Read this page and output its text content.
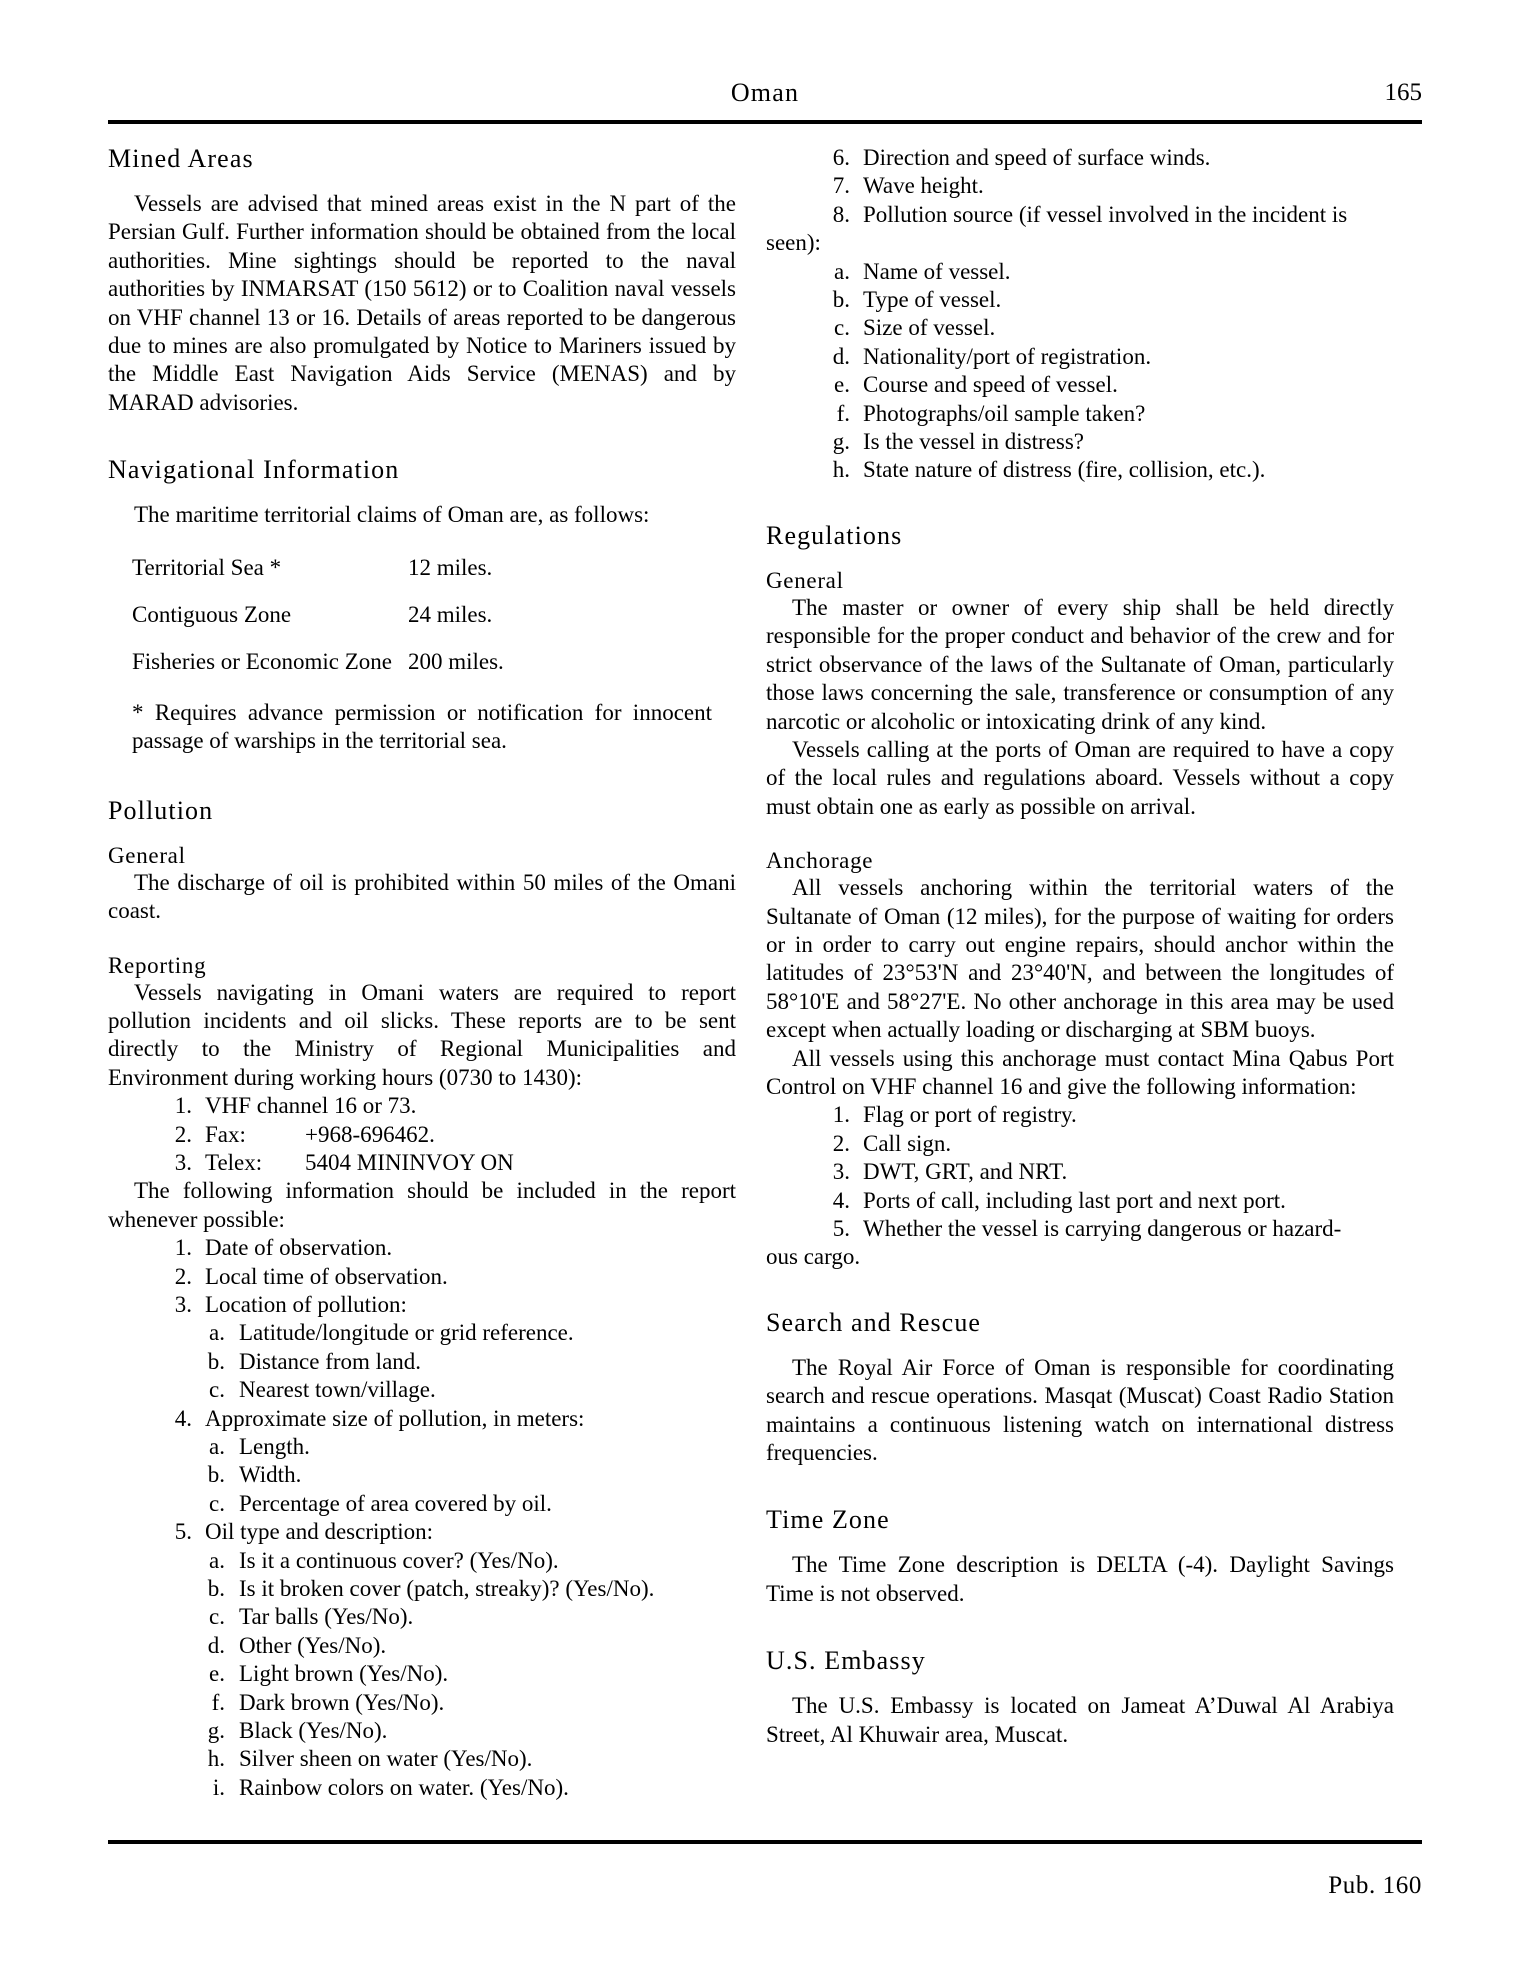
Oman	165
Mined Areas

Vessels are advised that mined areas exist in the N part of the Persian Gulf. Further information should be obtained from the local authorities. Mine sightings should be reported to the naval authorities by INMARSAT (150 5612) or to Coalition naval vessels on VHF channel 13 or 16. Details of areas reported to be dangerous due to mines are also promulgated by Notice to Mariners issued by the Middle East Navigation Aids Service (MENAS) and by MARAD advisories.

Navigational Information

The maritime territorial claims of Oman are, as follows:

Territorial Sea *	12 miles.
Contiguous Zone	24 miles.
Fisheries or Economic Zone	200 miles.

* Requires advance permission or notification for innocent passage of warships in the territorial sea.

Pollution
General

The discharge of oil is prohibited within 50 miles of the Omani coast.

Reporting

Vessels navigating in Omani waters are required to report pollution incidents and oil slicks. These reports are to be sent directly to the Ministry of Regional Municipalities and Environment during working hours (0730 to 1430):

1. VHF channel 16 or 73.
2. Fax:	+968-696462.
3. Telex: 5404 MININVOY ON

The following information should be included in the report whenever possible:

1. Date of observation.
2. Local time of observation.
3. Location of pollution:
a. Latitude/longitude or grid reference.
b. Distance from land.
c. Nearest town/village.
4. Approximate size of pollution, in meters:
a. Length.
b. Width.
c. Percentage of area covered by oil.
5. Oil type and description:
a. Is it a continuous cover? (Yes/No).
b. Is it broken cover (patch, streaky)? (Yes/No).
c. Tar balls (Yes/No).
d. Other (Yes/No).
e. Light brown (Yes/No).
f. Dark brown (Yes/No).
g. Black (Yes/No).
h. Silver sheen on water (Yes/No).
i. Rainbow colors on water. (Yes/No).
6. Direction and speed of surface winds.
7. Wave height.
8. Pollution source (if vessel involved in the incident is

seen):

a. Name of vessel.
b. Type of vessel.
c. Size of vessel.
d. Nationality/port of registration.
e. Course and speed of vessel.
f. Photographs/oil sample taken?
g. Is the vessel in distress?
h. State nature of distress (fire, collision, etc.).
Regulations
General

The master or owner of every ship shall be held directly responsible for the proper conduct and behavior of the crew and for strict observance of the laws of the Sultanate of Oman, particularly those laws concerning the sale, transference or consumption of any narcotic or alcoholic or intoxicating drink of any kind.

Vessels calling at the ports of Oman are required to have a copy of the local rules and regulations aboard. Vessels without a copy must obtain one as early as possible on arrival.

Anchorage

All vessels anchoring within the territorial waters of the Sultanate of Oman (12 miles), for the purpose of waiting for orders or in order to carry out engine repairs, should anchor within the latitudes of 23°53'N and 23°40'N, and between the longitudes of 58°10'E and 58°27'E. No other anchorage in this area may be used except when actually loading or discharging at SBM buoys.

All vessels using this anchorage must contact Mina Qabus Port Control on VHF channel 16 and give the following information:

1. Flag or port of registry.
2. Call sign.
3. DWT, GRT, and NRT.
4. Ports of call, including last port and next port.
5. Whether the vessel is carrying dangerous or hazard-

ous cargo.

Search and Rescue

The Royal Air Force of Oman is responsible for coordinating search and rescue operations. Masqat (Muscat) Coast Radio Station maintains a continuous listening watch on international distress frequencies.

Time Zone

The Time Zone description is DELTA (-4). Daylight Savings Time is not observed.

U.S. Embassy

The U.S. Embassy is located on Jameat A’Duwal Al Arabiya Street, Al Khuwair area, Muscat.

Pub. 160
